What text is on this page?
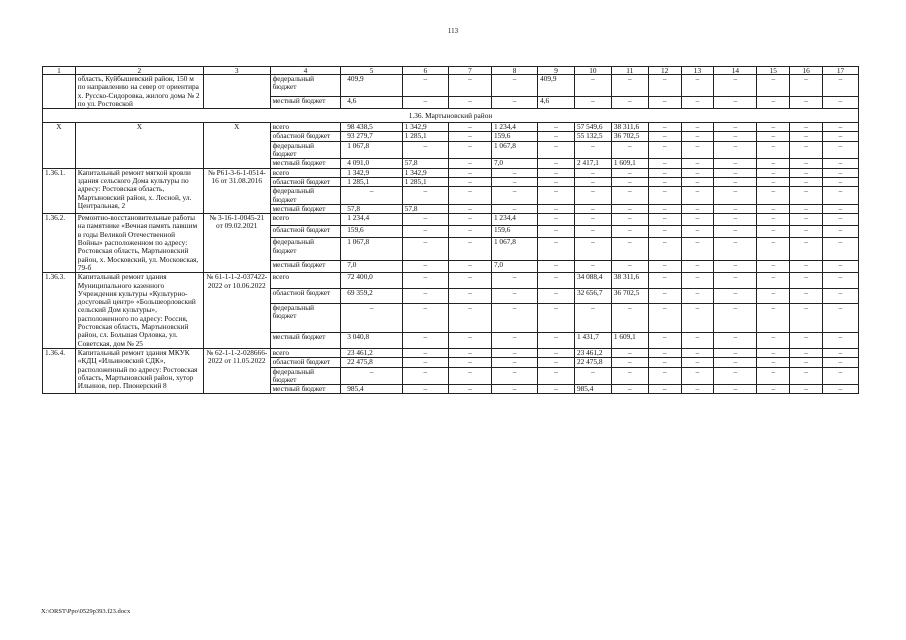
113
1	2	3	4	5	6	7	8	9	10	11	12	13	14	15	16	17
	область, Куйбышевский район, 150 м по направлению на север от ориентира х. Русско-Сидоровка, жилого дома № 2 по ул. Ростовской		федеральный бюджет	409,9	–	–	–	409,9	–	–	–	–	–	–	–	–
			местный бюджет	4,6	–	–	–	4,6	–	–	–	–	–	–	–	–
1.36. Мартыновский район																
Х	Х	Х	всего	98 438,5	1 342,9	–	1 234,4	–	57 549,6	38 311,6	–	–	–	–	–	–
			областной бюджет	93 279,7	1 285,1	–	159,6	–	55 132,5	36 702,5	–	–	–	–	–	–
			федеральный бюджет	1 067,8	–	–	1 067,8	–	–	–	–	–	–	–	–	–
			местный бюджет	4 091,0	57,8	–	7,0	–	2 417,1	1 609,1	–	–	–	–	–	–
1.36.1.	Капитальный ремонт мягкой кровли здания сельского Дома культуры по адресу: Ростовская область, Мартыновский район, х. Лесной, ул. Центральная, 2	№ Р61-3-6-1-0514-16 от 31.08.2016	всего	1 342,9	1 342,9	–	–	–	–	–	–	–	–	–	–	–
			областной бюджет	1 285,1	1 285,1	–	–	–	–	–	–	–	–	–	–	–
			федеральный бюджет	–	–	–	–	–	–	–	–	–	–	–	–	–
			местный бюджет	57,8	57,8	–	–	–	–	–	–	–	–	–	–	–
1.36.2.	Ремонтно-восстановительные работы на памятнике «Вечная память павшим в годы Великой Отечественной Войны» расположенном по адресу: Ростовская область, Мартыновский район, х. Московский, ул. Московская, 79-б	№ 3-16-1-0045-21 от 09.02.2021	всего	1 234,4	–	–	1 234,4	–	–	–	–	–	–	–	–	–
			областной бюджет	159,6	–	–	159,6	–	–	–	–	–	–	–	–	–
			федеральный бюджет	1 067,8	–	–	1 067,8	–	–	–	–	–	–	–	–	–
			местный бюджет	7,0	–	–	7,0	–	–	–	–	–	–	–	–	–
1.36.3.	Капитальный ремонт здания Муниципального казенного Учреждения культуры «Культурно-досуговый центр» «Большеорловский сельский Дом культуры», расположенного по адресу: Россия, Ростовская область, Мартыновский район, сл. Большая Орловка, ул. Советская, дом № 25	№ 61-1-1-2-037422-2022 от 10.06.2022	всего	72 400,0	–	–	–	–	34 088,4	38 311,6	–	–	–	–	–	–
			областной бюджет	69 359,2	–	–	–	–	32 656,7	36 702,5	–	–	–	–	–	–
			федеральный бюджет	–	–	–	–	–	–	–	–	–	–	–	–	–
			местный бюджет	3 040,8	–	–	–	–	1 431,7	1 609,1	–	–	–	–	–	–
1.36.4.	Капитальный ремонт здания МКУК «КДЦ «Ильиновский СДК», расположенный по адресу: Ростовская область, Мартыновский район, хутор Ильинов, пер. Пионерский 8	№ 62-1-1-2-028666-2022 от 11.05.2022	всего	23 461,2	–	–	–	–	23 461,2	–	–	–	–	–	–	–
			областной бюджет	22 475,8	–	–	–	–	22 475,8	–	–	–	–	–	–	–
			федеральный бюджет	–	–	–	–	–	–	–	–	–	–	–	–	–
			местный бюджет	985,4	–	–	–	–	985,4	–	–	–	–	–	–	–
X:\ORST\Ppo\0529p393.f23.docx
